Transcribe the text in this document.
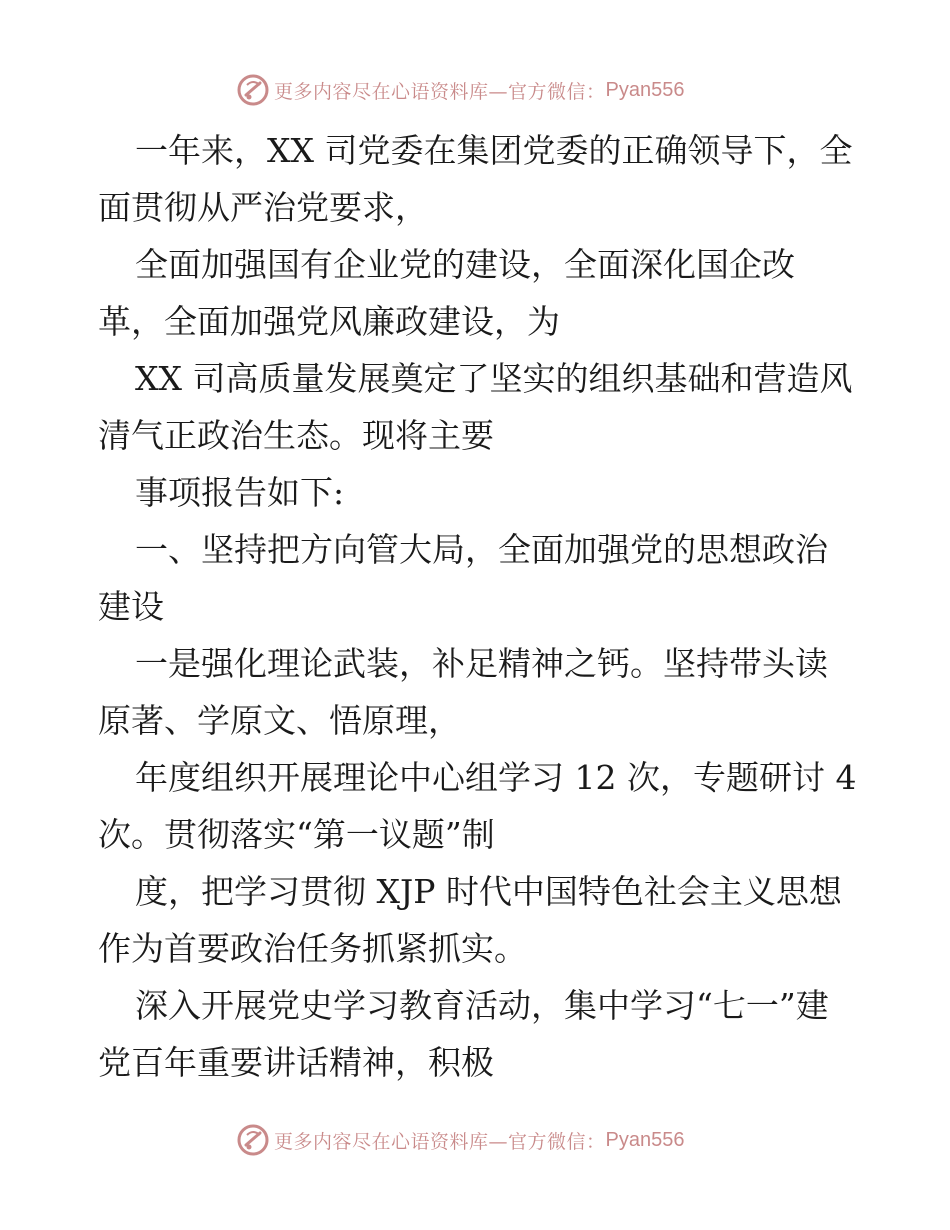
更多内容尽在心语资料库—官方微信： Pyan556

一年来，XX 司党委在集团党委的正确领导下，全面贯彻从严治党要求，

全面加强国有企业党的建设，全面深化国企改革，全面加强党风廉政建设，为

XX 司高质量发展奠定了坚实的组织基础和营造风清气正政治生态。现将主要

事项报告如下:

一、坚持把方向管大局，全面加强党的思想政治建设

一是强化理论武装，补足精神之钙。坚持带头读原著、学原文、悟原理，

年度组织开展理论中心组学习 12 次，专题研讨 4 次。贯彻落实“第一议题”制

度，把学习贯彻 XJP 时代中国特色社会主义思想作为首要政治任务抓紧抓实。

深入开展党史学习教育活动，集中学习“七一”建党百年重要讲话精神，积极

更多内容尽在心语资料库—官方微信： Pyan556
